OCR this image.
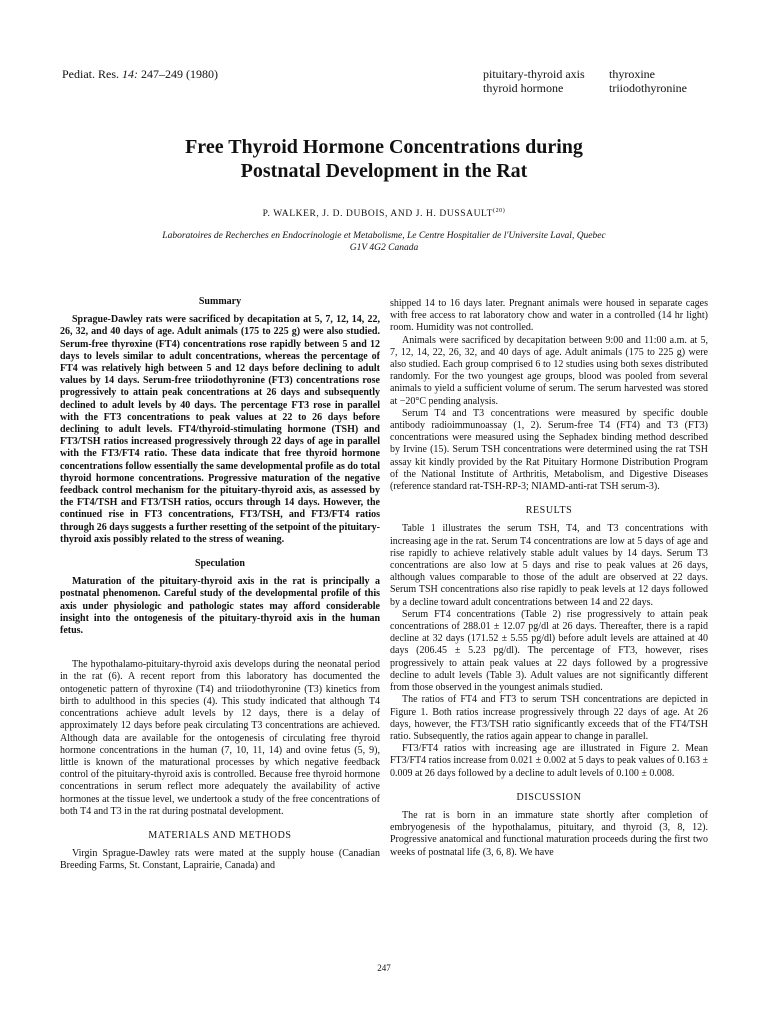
Pediat. Res. 14: 247–249 (1980)	pituitary-thyroid axis	thyroxine
thyroid hormone	triiodothyronine
Free Thyroid Hormone Concentrations during
Postnatal Development in the Rat
P. WALKER, J. D. DUBOIS, AND J. H. DUSSAULT$^{(20)}$
Laboratoires de Recherches en Endocrinologie et Metabolisme, Le Centre Hospitalier de l'Universite Laval, Quebec
G1V 4G2 Canada
Summary

Sprague-Dawley rats were sacrificed by decapitation at 5, 7, 12, 14, 22, 26, 32, and 40 days of age. Adult animals (175 to 225 g) were also studied. Serum-free thyroxine (FT4) concentrations rose rapidly between 5 and 12 days to levels similar to adult concentrations, whereas the percentage of FT4 was relatively high between 5 and 12 days before declining to adult values by 14 days. Serum-free triiodothyronine (FT3) concentrations rose progressively to attain peak concentrations at 26 days and subsequently declined to adult levels by 40 days. The percentage FT3 rose in parallel with the FT3 concentrations to peak values at 22 to 26 days before declining to adult levels. FT4/thyroid-stimulating hormone (TSH) and FT3/TSH ratios increased progressively through 22 days of age in parallel with the FT3/FT4 ratio. These data indicate that free thyroid hormone concentrations follow essentially the same developmental profile as do total thyroid hormone concentrations. Progressive maturation of the negative feedback control mechanism for the pituitary-thyroid axis, as assessed by the FT4/TSH and FT3/TSH ratios, occurs through 14 days. However, the continued rise in FT3 concentrations, FT3/TSH, and FT3/FT4 ratios through 26 days suggests a further resetting of the setpoint of the pituitary-thyroid axis possibly related to the stress of weaning.

Speculation

Maturation of the pituitary-thyroid axis in the rat is principally a postnatal phenomenon. Careful study of the developmental profile of this axis under physiologic and pathologic states may afford considerable insight into the ontogenesis of the pituitary-thyroid axis in the human fetus.

The hypothalamo-pituitary-thyroid axis develops during the neonatal period in the rat (6). A recent report from this laboratory has documented the ontogenetic pattern of thyroxine (T4) and triiodothyronine (T3) kinetics from birth to adulthood in this species (4). This study indicated that although T4 concentrations achieve adult levels by 12 days, there is a delay of approximately 12 days before peak circulating T3 concentrations are achieved. Although data are available for the ontogenesis of circulating free thyroid hormone concentrations in the human (7, 10, 11, 14) and ovine fetus (5, 9), little is known of the maturational processes by which negative feedback control of the pituitary-thyroid axis is controlled. Because free thyroid hormone concentrations in serum reflect more adequately the availability of active hormones at the tissue level, we undertook a study of the free concentrations of both T4 and T3 in the rat during postnatal development.

MATERIALS AND METHODS

Virgin Sprague-Dawley rats were mated at the supply house (Canadian Breeding Farms, St. Constant, Laprairie, Canada) and

shipped 14 to 16 days later. Pregnant animals were housed in separate cages with free access to rat laboratory chow and water in a controlled (14 hr light) room. Humidity was not controlled.

Animals were sacrificed by decapitation between 9:00 and 11:00 a.m. at 5, 7, 12, 14, 22, 26, 32, and 40 days of age. Adult animals (175 to 225 g) were also studied. Each group comprised 6 to 12 studies using both sexes distributed randomly. For the two youngest age groups, blood was pooled from several animals to yield a sufficient volume of serum. The serum harvested was stored at −20°C pending analysis.

Serum T4 and T3 concentrations were measured by specific double antibody radioimmunoassay (1, 2). Serum-free T4 (FT4) and T3 (FT3) concentrations were measured using the Sephadex binding method described by Irvine (15). Serum TSH concentrations were determined using the rat TSH assay kit kindly provided by the Rat Pituitary Hormone Distribution Program of the National Institute of Arthritis, Metabolism, and Digestive Diseases (reference standard rat-TSH-RP-3; NIAMD-anti-rat TSH serum-3).

RESULTS

Table 1 illustrates the serum TSH, T4, and T3 concentrations with increasing age in the rat. Serum T4 concentrations are low at 5 days of age and rise rapidly to achieve relatively stable adult values by 14 days. Serum T3 concentrations are also low at 5 days and rise to peak values at 26 days, although values comparable to those of the adult are observed at 22 days. Serum TSH concentrations also rise rapidly to peak levels at 12 days followed by a decline toward adult concentrations between 14 and 22 days.

Serum FT4 concentrations (Table 2) rise progressively to attain peak concentrations of 288.01 ± 12.07 pg/dl at 26 days. Thereafter, there is a rapid decline at 32 days (171.52 ± 5.55 pg/dl) before adult levels are attained at 40 days (206.45 ± 5.23 pg/dl). The percentage of FT3, however, rises progressively to attain peak values at 22 days followed by a progressive decline to adult levels (Table 3). Adult values are not significantly different from those observed in the youngest animals studied.

The ratios of FT4 and FT3 to serum TSH concentrations are depicted in Figure 1. Both ratios increase progressively through 22 days of age. At 26 days, however, the FT3/TSH ratio significantly exceeds that of the FT4/TSH ratio. Subsequently, the ratios again appear to change in parallel.

FT3/FT4 ratios with increasing age are illustrated in Figure 2. Mean FT3/FT4 ratios increase from 0.021 ± 0.002 at 5 days to peak values of 0.163 ± 0.009 at 26 days followed by a decline to adult levels of 0.100 ± 0.008.

DISCUSSION

The rat is born in an immature state shortly after completion of embryogenesis of the hypothalamus, pituitary, and thyroid (3, 8, 12). Progressive anatomical and functional maturation proceeds during the first two weeks of postnatal life (3, 6, 8). We have

247
